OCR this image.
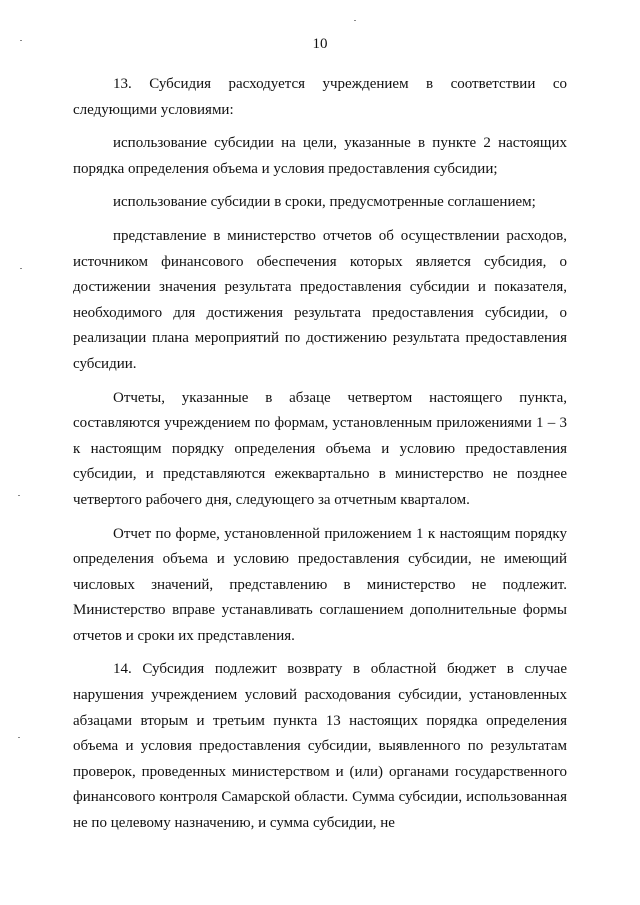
10

13. Субсидия расходуется учреждением в соответствии со следующими условиями:

использование субсидии на цели, указанные в пункте 2 настоящих порядка определения объема и условия предоставления субсидии;

использование субсидии в сроки, предусмотренные соглашением;

представление в министерство отчетов об осуществлении расходов, источником финансового обеспечения которых является субсидия, о достижении значения результата предоставления субсидии и показателя, необходимого для достижения результата предоставления субсидии, о реализации плана мероприятий по достижению результата предоставления субсидии.

Отчеты, указанные в абзаце четвертом настоящего пункта, составляются учреждением по формам, установленным приложениями 1 – 3 к настоящим порядку определения объема и условию предоставления субсидии, и представляются ежеквартально в министерство не позднее четвертого рабочего дня, следующего за отчетным кварталом.

Отчет по форме, установленной приложением 1 к настоящим порядку определения объема и условию предоставления субсидии, не имеющий числовых значений, представлению в министерство не подлежит. Министерство вправе устанавливать соглашением дополнительные формы отчетов и сроки их представления.

14. Субсидия подлежит возврату в областной бюджет в случае нарушения учреждением условий расходования субсидии, установленных абзацами вторым и третьим пункта 13 настоящих порядка определения объема и условия предоставления субсидии, выявленного по результатам проверок, проведенных министерством и (или) органами государственного финансового контроля Самарской области. Сумма субсидии, использованная не по целевому назначению, и сумма субсидии, не
